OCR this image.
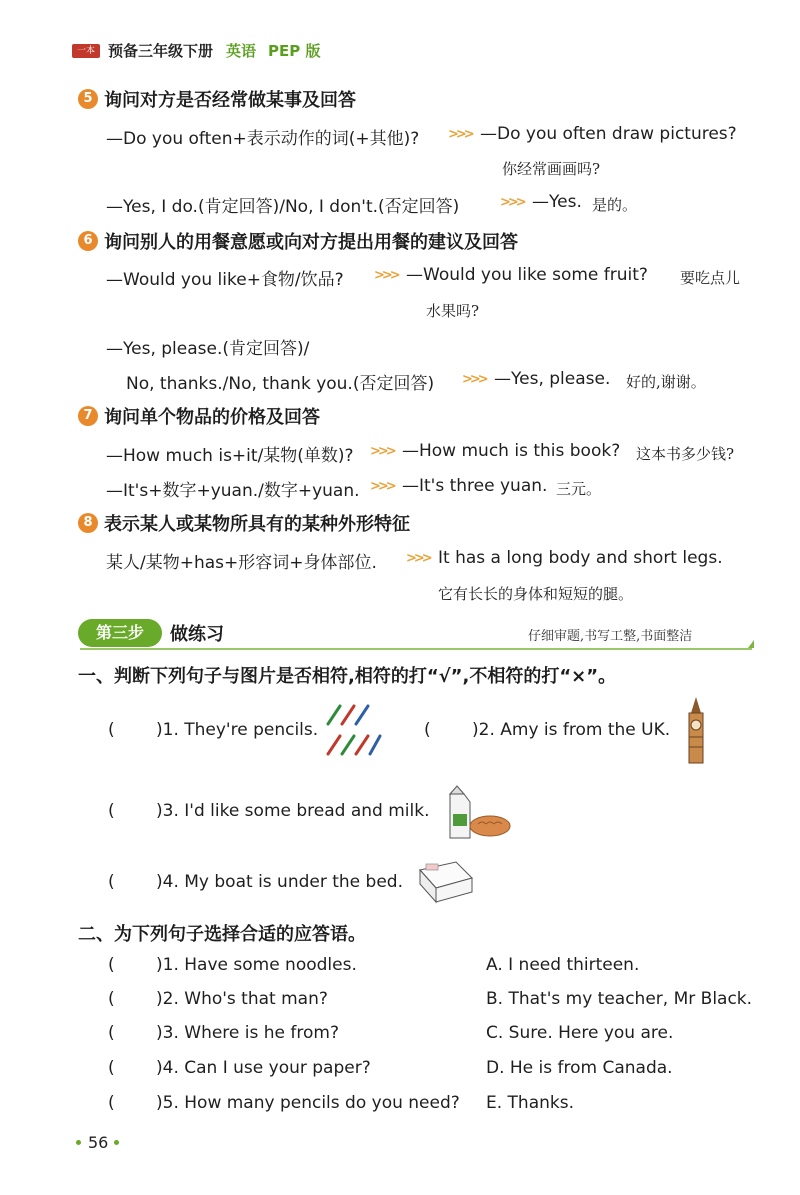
一本 预备三年级下册 英语 PEP 版
5 询问对方是否经常做某事及回答
—Do you often+表示动作的词(+其他)? >>> —Do you often draw pictures?
你经常画画吗?
—Yes, I do.(肯定回答)/No, I don't.(否定回答)	>>> —Yes. 是的。
6 询问别人的用餐意愿或向对方提出用餐的建议及回答
—Would you like+食物/饮品? >>> —Would you like some fruit? 要吃点儿
水果吗?
—Yes, please.(肯定回答)/
No, thanks./No, thank you.(否定回答) >>> —Yes, please. 好的,谢谢。
7 询问单个物品的价格及回答
—How much is+it/某物(单数)? >>> —How much is this book? 这本书多少钱?
—It's+数字+yuan./数字+yuan. >>> —It's three yuan. 三元。
8 表示某人或某物所具有的某种外形特征
某人/某物+has+形容词+身体部位. >>> It has a long body and short legs.
它有长长的身体和短短的腿。
第三步	做练习	仔细审题,书写工整,书面整洁
一、判断下列句子与图片是否相符,相符的打“√”,不相符的打“×”。
( )1. They're pencils.	( )2. Amy is from the UK.
( )3. I'd like some bread and milk.
( )4. My boat is under the bed.
二、为下列句子选择合适的应答语。
( )1. Have some noodles.	A. I need thirteen.
( )2. Who's that man?	B. That's my teacher, Mr Black.
( )3. Where is he from?	C. Sure. Here you are.
( )4. Can I use your paper?	D. He is from Canada.
( )5. How many pencils do you need? E. Thanks.
56
